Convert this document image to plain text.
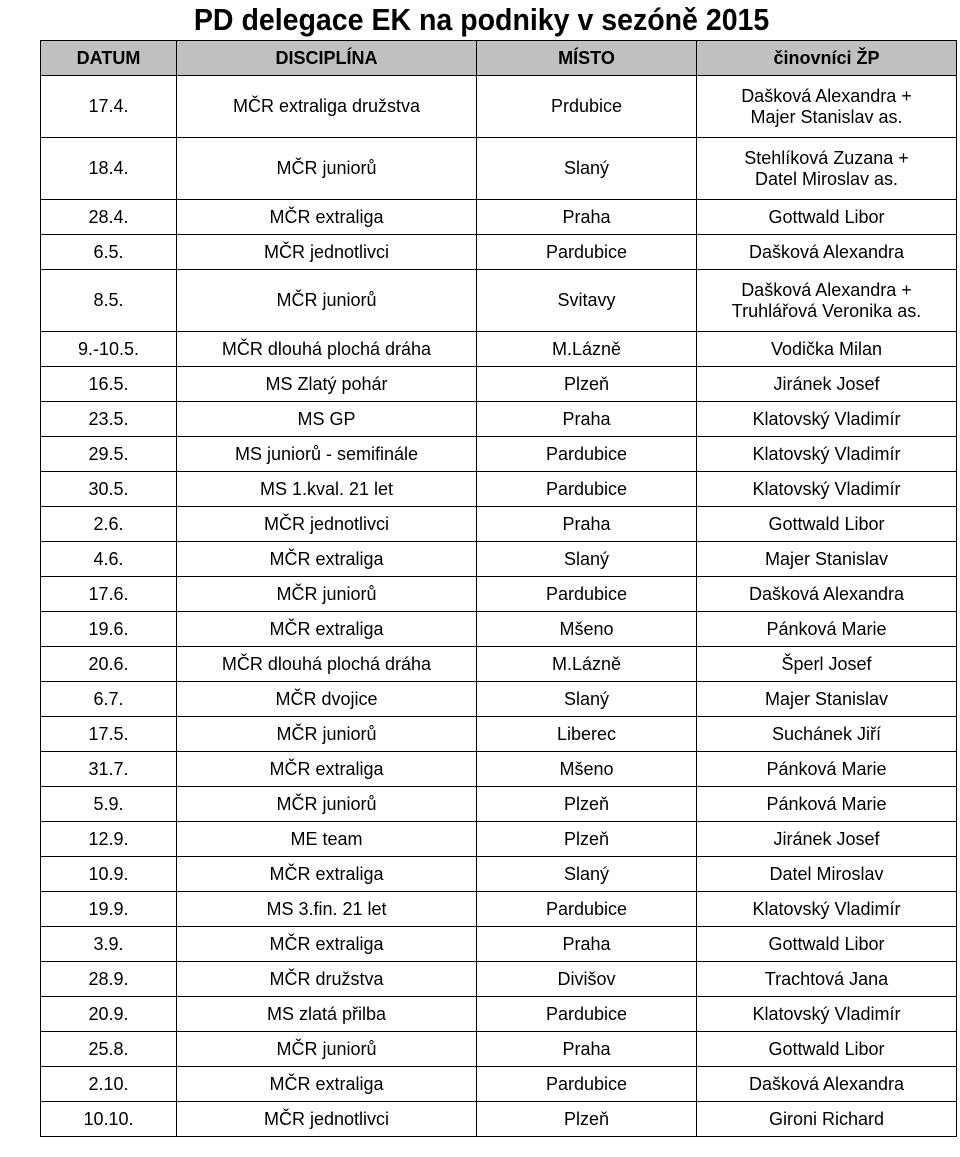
PD delegace EK na podniky v sezóně 2015
DATUM	DISCIPLÍNA	MÍSTO	činovníci ŽP
17.4.	MČR extraliga družstva	Prdubice	Dašková Alexandra +
Majer Stanislav as.

18.4.	MČR juniorů	Slaný	Stehlíková Zuzana +
Datel Miroslav as.

28.4.	MČR extraliga	Praha	Gottwald Libor

6.5.	MČR jednotlivci	Pardubice	Dašková Alexandra

8.5.	MČR juniorů	Svitavy	Dašková Alexandra +
Truhlářová Veronika as.

9.-10.5.	MČR dlouhá plochá dráha	M.Lázně	Vodička Milan

16.5.	MS Zlatý pohár	Plzeň	Jiránek Josef

23.5.	MS GP	Praha	Klatovský Vladimír

29.5.	MS juniorů - semifinále	Pardubice	Klatovský Vladimír

30.5.	MS 1.kval. 21 let	Pardubice	Klatovský Vladimír

2.6.	MČR jednotlivci	Praha	Gottwald Libor

4.6.	MČR extraliga	Slaný	Majer Stanislav

17.6.	MČR juniorů	Pardubice	Dašková Alexandra

19.6.	MČR extraliga	Mšeno	Pánková Marie

20.6.	MČR dlouhá plochá dráha	M.Lázně	Šperl Josef

6.7.	MČR dvojice	Slaný	Majer Stanislav

17.5.	MČR juniorů	Liberec	Suchánek Jiří

31.7.	MČR extraliga	Mšeno	Pánková Marie

5.9.	MČR juniorů	Plzeň	Pánková Marie

12.9.	ME team	Plzeň	Jiránek Josef

10.9.	MČR extraliga	Slaný	Datel Miroslav

19.9.	MS 3.fin. 21 let	Pardubice	Klatovský Vladimír

3.9.	MČR extraliga	Praha	Gottwald Libor

28.9.	MČR družstva	Divišov	Trachtová Jana

20.9.	MS zlatá přilba	Pardubice	Klatovský Vladimír

25.8.	MČR juniorů	Praha	Gottwald Libor

2.10.	MČR extraliga	Pardubice	Dašková Alexandra

10.10.	MČR jednotlivci	Plzeň	Gironi Richard
